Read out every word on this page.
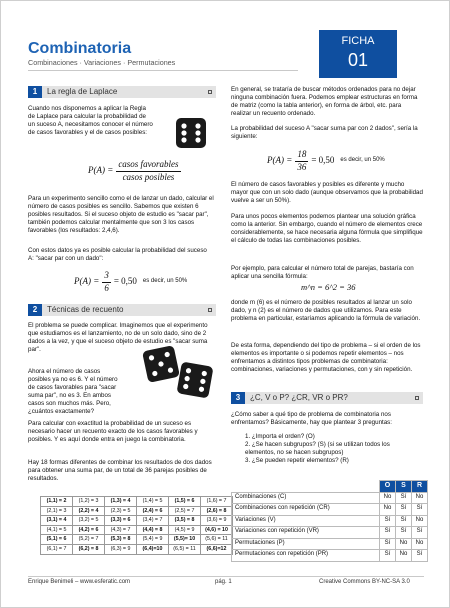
Combinatoria
Combinaciones · Variaciones · Permutaciones
FICHA
01
1	La regla de Laplace
Cuando nos disponemos a aplicar la Regla de Laplace para calcular la probabilidad de un suceso A, necesitamos conocer el número de casos favorables y el de casos posibles:
$P(A) = \frac{\text{casos favorables}}{\text{casos posibles}}$
Para un experimento sencillo como el de lanzar un dado, calcular el número de casos posibles es sencillo. Sabemos que existen 6 posibles resultados. Si el suceso objeto de estudio es "sacar par", también podemos calcular mentalmente que son 3 los casos favorables (los resultados: 2,4,6).
Con estos datos ya es posible calcular la probabilidad del suceso A: "sacar par con un dado":
$P(A) = \frac{3}{6} = 0,50$ es decir, un 50%
2	Técnicas de recuento
El problema se puede complicar. Imaginemos que el experimento que estudiamos es el lanzamiento, no de un solo dado, sino de 2 dados a la vez, y que el suceso objeto de estudio es "sacar suma par".
Ahora el número de casos posibles ya no es 6. Y el número de casos favorables para "sacar suma par", no es 3. En ambos casos son muchos más. Pero, ¿cuántos exactamente?
Para calcular con exactitud la probabilidad de un suceso es necesario hacer un recuento exacto de los casos favorables y posibles. Y es aquí donde entra en juego la combinatoria.
Hay 18 formas diferentes de combinar los resultados de dos dados para obtener una suma par, de un total de 36 parejas posibles de resultados.
(1,1) = 2	(1,2) = 3	(1,3) = 4	(1,4) = 5	(1,5) = 6	(1,6) = 7
(2,1) = 3	(2,2) = 4	(2,3) = 5	(2,4) = 6	(2,5) = 7	(2,6) = 8
(3,1) = 4	(3,2) = 5	(3,3) = 6	(3,4) = 7	(3,5) = 8	(3,6) = 9
(4,1) = 5	(4,2) = 6	(4,3) = 7	(4,4) = 8	(4,5) = 9	(4,6) = 10
(5,1) = 6	(5,2) = 7	(5,3) = 8	(5,4) = 9	(5,5)= 10	(5,6) = 11
(6,1) = 7	(6,2) = 8	(6,3) = 9	(6,4)=10	(6,5) = 11	(6,6)=12
En general, se trataría de buscar métodos ordenados para no dejar ninguna combinación fuera. Podemos emplear estructuras en forma de matriz (como la tabla anterior), en forma de árbol, etc. para realizar un recuento ordenado.
La probabilidad del suceso A "sacar suma par con 2 dados", sería la siguiente:
$P(A) = \frac{18}{36} = 0,50$ es decir, un 50%
El número de casos favorables y posibles es diferente y mucho mayor que con un solo dado (aunque observamos que la probabilidad vuelve a ser un 50%).
Para unos pocos elementos podemos plantear una solución gráfica como la anterior. Sin embargo, cuando el número de elementos crece considerablemente, se hace necesaria alguna fórmula que simplifique el cálculo de todas las combinaciones posibles.
Por ejemplo, para calcular el número total de parejas, bastaría con aplicar una sencilla fórmula:
m^n = 6^2 = 36
donde m (6) es el número de posibles resultados al lanzar un solo dado, y n (2) es el número de dados que utilizamos. Para este problema en particular, estaríamos aplicando la fórmula de variación.
De esta forma, dependiendo del tipo de problema – si el orden de los elementos es importante o si podemos repetir elementos – nos enfrentamos a distintos tipos problemas de combinatoria: combinaciones, variaciones y permutaciones, con y sin repetición.
3	¿C, V o P? ¿CR, VR o PR?
¿Cómo saber a qué tipo de problema de combinatoria nos enfrentamos? Básicamente, hay que plantear 3 preguntas:
1. ¿Importa el orden? (O)
2. ¿Se hacen subgrupos? (S) (si se utilizan todos los elementos, no se hacen subgrupos)
3. ¿Se pueden repetir elementos? (R)
	O	S	R
Combinaciones (C)	No	Sí	No
Combinaciones con repetición (CR)	No	Sí	Sí
Variaciones (V)	Sí	Sí	No
Variaciones con repetición (VR)	Sí	Sí	Sí
Permutaciones (P)	Sí	No	No
Permutaciones con repetición (PR)	Sí	No	Sí
Enrique Benimeli – www.esferatic.com	pág. 1	Creative Commons BY-NC-SA 3.0
